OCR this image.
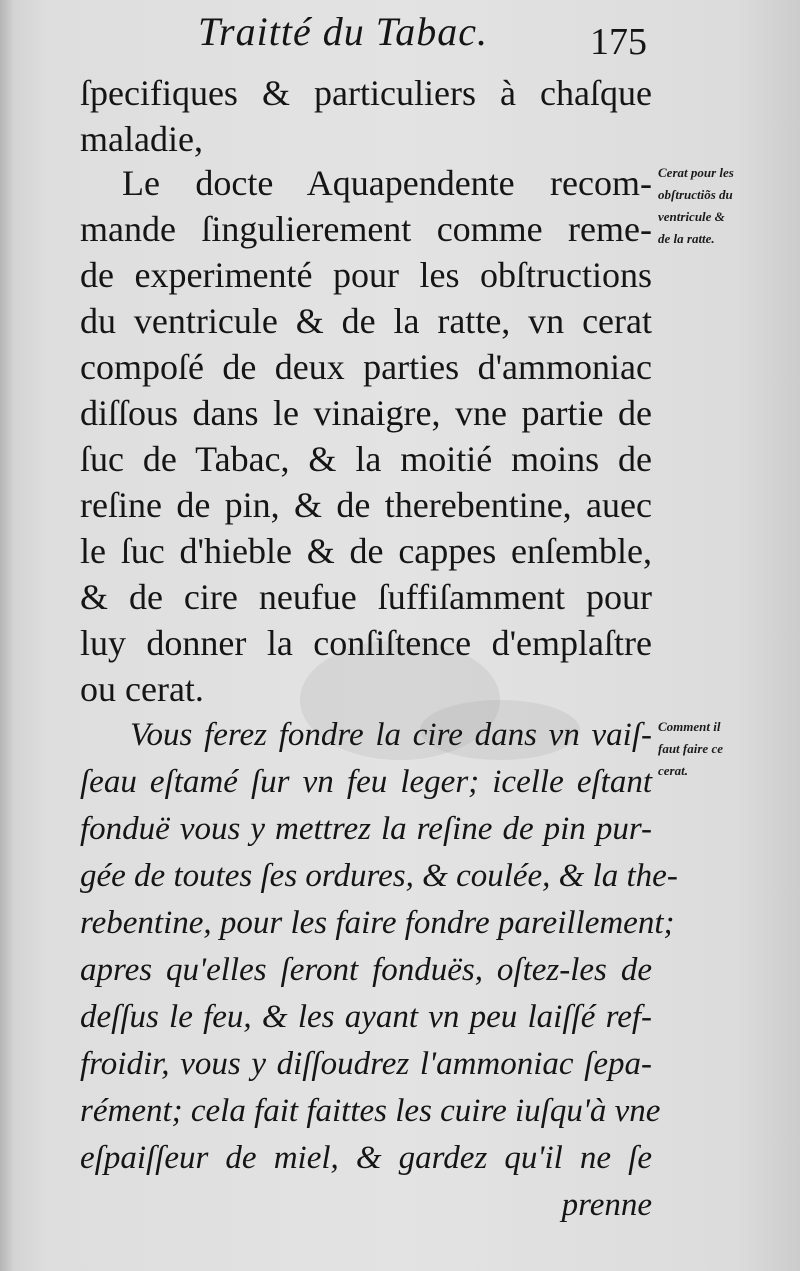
Traitté du Tabac.	175
ſpecifiques & particuliers à chaſque
maladie,
Le docte Aquapendente recom-
mande ſingulierement comme reme-
de experimenté pour les obſtructions
du ventricule & de la ratte, vn cerat
compoſé de deux parties d'ammoniac
diſſous dans le vinaigre, vne partie de
ſuc de Tabac, & la moitié moins de
reſine de pin, & de therebentine, auec
le ſuc d'hieble & de cappes enſemble,
& de cire neufue ſuffiſamment pour
luy donner la conſiſtence d'emplaſtre
ou cerat.
Vous ferez fondre la cire dans vn vaiſ-
ſeau eſtamé ſur vn feu leger; icelle eſtant
fonduë vous y mettrez la reſine de pin pur-
gée de toutes ſes ordures, & coulée, & la the-
rebentine, pour les faire fondre pareillement;
apres qu'elles ſeront fonduës, oſtez-les de
deſſus le feu, & les ayant vn peu laiſſé ref-
froidir, vous y diſſoudrez l'ammoniac ſepa-
rément; cela fait faittes les cuire iuſqu'à vne
eſpaiſſeur de miel, & gardez qu'il ne ſe
prenne
Cerat pour les
obſtructiõs du
ventricule &
de la ratte.
Comment il
faut faire ce
cerat.
